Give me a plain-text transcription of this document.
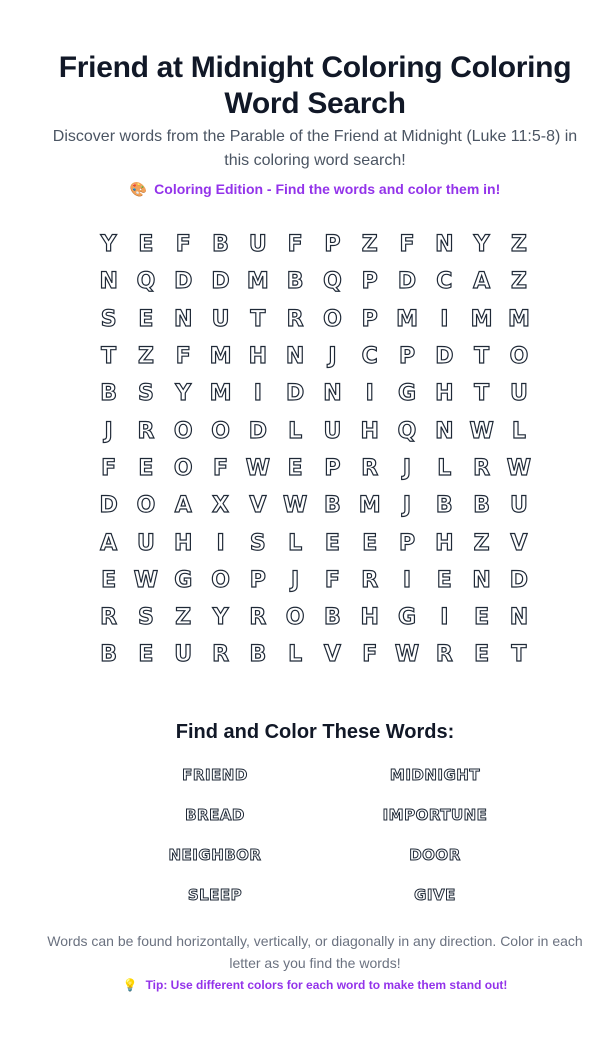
Friend at Midnight Coloring Coloring Word Search

Discover words from the Parable of the Friend at Midnight (Luke 11:5-8) in this coloring word search!

🎨 Coloring Edition - Find the words and color them in!

Y E	F B U F P Z F N Y Z
N Q D D M B Q P D C A Z
S E N U T R O P M	I	M M
T Z F M H N	J	C P D T O
B S Y M	I	D N	I	G H T U
J	R O O D L U H Q N W L
F	E O F W E P R	J	L R W
D O A X V W B M	J	B B U
A U H	I	S	L	E	E P H Z V
E W G O P	J	F R	I	E N D
R S Z Y R O B H G	I	E N
B E U R B L V F W R E	T
Find and Color These Words:
FRIEND	MIDNIGHT
BREAD	IMPORTUNE
NEIGHBOR	DOOR
SLEEP	GIVE

Words can be found horizontally, vertically, or diagonally in any direction. Color in each letter as you find the words!

💡 Tip: Use different colors for each word to make them stand out!
